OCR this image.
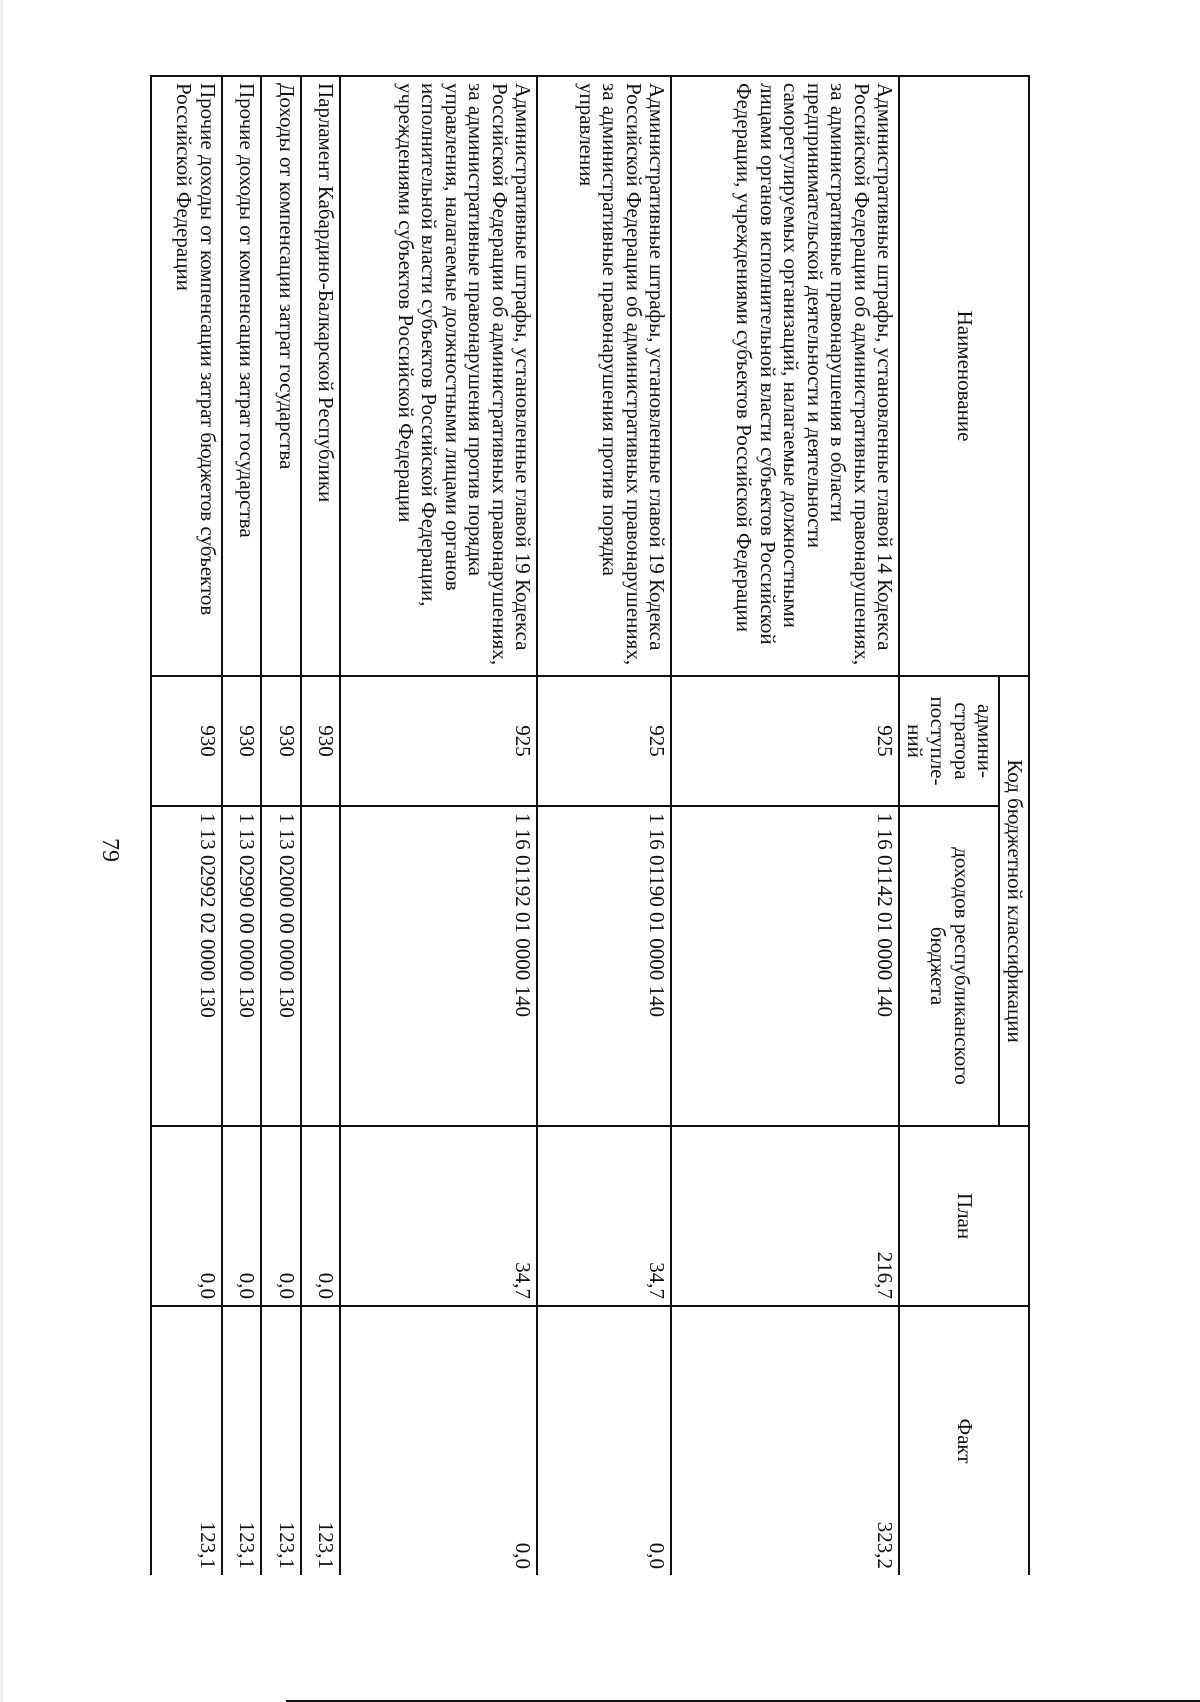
79
Наименование	Код бюджетной классификации		План	Факт
	админи-стратора поступле-ний	доходов республиканского бюджета		
Административные штрафы, установленные главой 14 Кодекса Российской Федерации об административных правонарушениях, за административные правонарушения в области предпринимательской деятельности и деятельности саморегулируемых организаций, налагаемые должностными лицами органов исполнительной власти субъектов Российской Федерации, учреждениями субъектов Российской Федерации	925	1 16 01142 01 0000 140	216,7	323,2
Административные штрафы, установленные главой 19 Кодекса Российской Федерации об административных правонарушениях, за административные правонарушения против порядка управления	925	1 16 01190 01 0000 140	34,7	0,0
Административные штрафы, установленные главой 19 Кодекса Российской Федерации об административных правонарушениях, за административные правонарушения против порядка управления, налагаемые должностными лицами органов исполнительной власти субъектов Российской Федерации, учреждениями субъектов Российской Федерации	925	1 16 01192 01 0000 140	34,7	0,0
Парламент Кабардино-Балкарской Республики	930		0,0	123,1
Доходы от компенсации затрат государства	930	1 13 02000 00 0000 130	0,0	123,1
Прочие доходы от компенсации затрат государства	930	1 13 02990 00 0000 130	0,0	123,1
Прочие доходы от компенсации затрат бюджетов субъектов Российской Федерации	930	1 13 02992 02 0000 130	0,0	123,1
